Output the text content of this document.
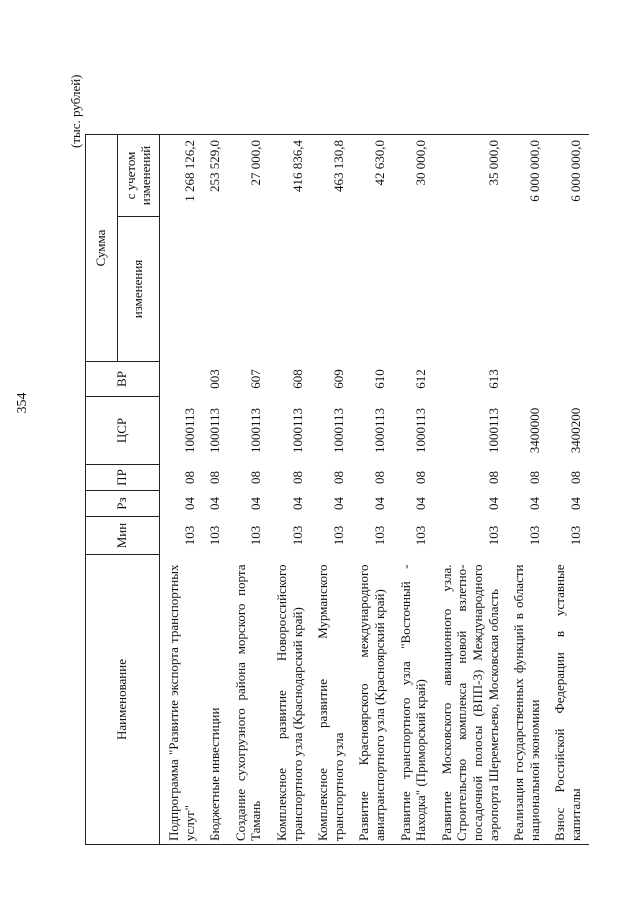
354
(тыс. рублей)
Наименование	Мин	Рз	ПР	ЦСР	ВР	Сумма	
						изменения	с учетом изменений
Подпрограмма "Развитие экспорта транспортных услуг"	103	04	08	1000113			1 268 126,2
Бюджетные инвестиции	103	04	08	1000113	003		253 529,0
Создание сухогрузного района морского порта Тамань	103	04	08	1000113	607		27 000,0
Комплексное развитие Новороссийского транспортного узла (Краснодарский край)	103	04	08	1000113	608		416 836,4
Комплексное развитие Мурманского транспортного узла	103	04	08	1000113	609		463 130,8
Развитие Красноярского международного авиатранспортного узла (Красноярский край)	103	04	08	1000113	610		42 630,0
Развитие транспортного узла "Восточный - Находка" (Приморский край)	103	04	08	1000113	612		30 000,0
Развитие Московского авиационного узла. Строительство комплекса новой взлетно-посадочной полосы (ВПП-3) Международного аэропорта Шереметьево, Московская область	103	04	08	1000113	613		35 000,0
Реализация государственных функций в области национальной экономики	103	04	08	3400000			6 000 000,0
Взнос Российской Федерации в уставные капиталы	103	04	08	3400200			6 000 000,0
